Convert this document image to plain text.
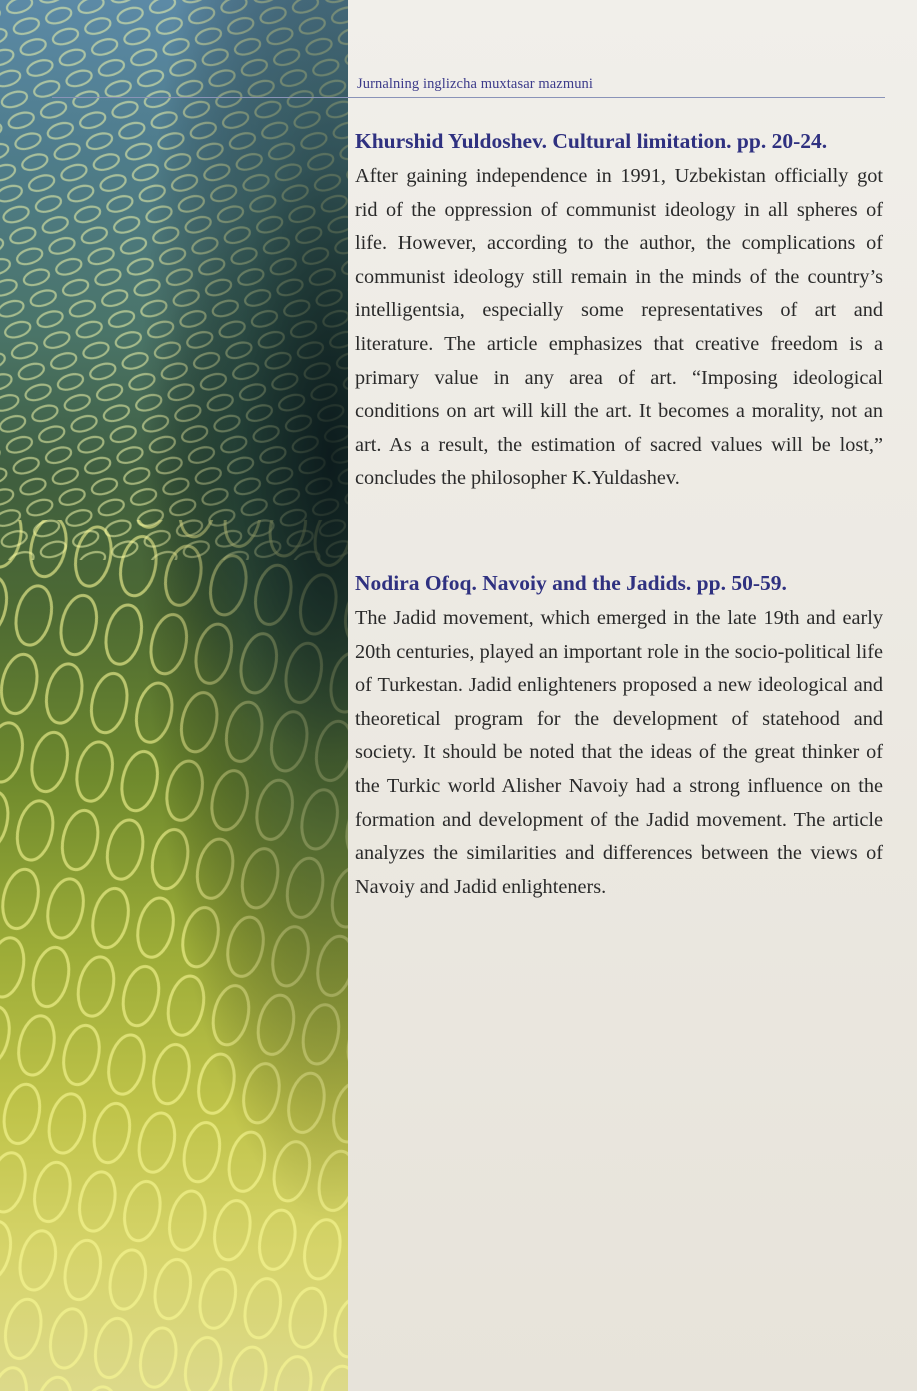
Jurnalning inglizcha muxtasar mazmuni
Khurshid Yuldoshev. Cultural limitation. pp. 20-24.

After gaining independence in 1991, Uzbekistan officially got rid of the oppression of communist ideology in all spheres of life. However, according to the author, the complications of communist ideology still remain in the minds of the country’s intelligentsia, especially some representatives of art and literature. The article emphasizes that creative freedom is a primary value in any area of art. “Imposing ideological conditions on art will kill the art. It becomes a morality, not an art. As a result, the estimation of sacred values will be lost,” concludes the philosopher K.Yuldashev.

Nodira Ofoq. Navoiy and the Jadids. pp. 50-59.

The Jadid movement, which emerged in the late 19th and early 20th centuries, played an important role in the socio-political life of Turkestan. Jadid enlighteners proposed a new ideological and theoretical program for the development of statehood and society. It should be noted that the ideas of the great thinker of the Turkic world Alisher Navoiy had a strong influence on the formation and development of the Jadid movement. The article analyzes the similarities and differences between the views of Navoiy and Jadid enlighteners.
